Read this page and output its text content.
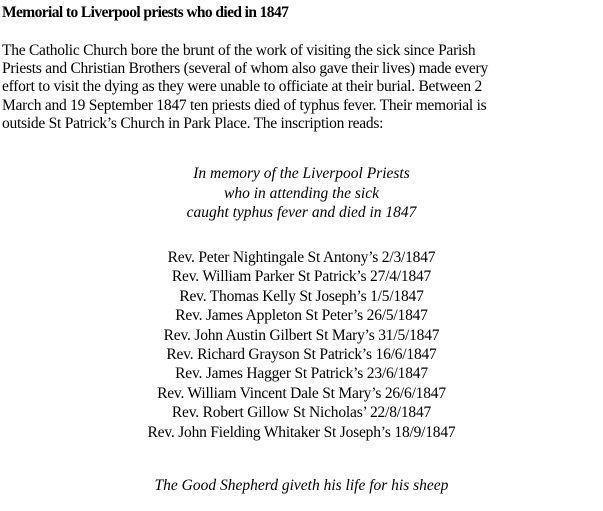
Memorial to Liverpool priests who died in 1847
The Catholic Church bore the brunt of the work of visiting the sick since Parish
Priests and Christian Brothers (several of whom also gave their lives) made every
effort to visit the dying as they were unable to officiate at their burial. Between 2
March and 19 September 1847 ten priests died of typhus fever. Their memorial is
outside St Patrick’s Church in Park Place. The inscription reads:
In memory of the Liverpool Priests
who in attending the sick
caught typhus fever and died in 1847
Rev. Peter Nightingale St Antony’s 2/3/1847
Rev. William Parker St Patrick’s 27/4/1847
Rev. Thomas Kelly St Joseph’s 1/5/1847
Rev. James Appleton St Peter’s 26/5/1847
Rev. John Austin Gilbert St Mary’s 31/5/1847
Rev. Richard Grayson St Patrick’s 16/6/1847
Rev. James Hagger St Patrick’s 23/6/1847
Rev. William Vincent Dale St Mary’s 26/6/1847
Rev. Robert Gillow St Nicholas’ 22/8/1847
Rev. John Fielding Whitaker St Joseph’s 18/9/1847
The Good Shepherd giveth his life for his sheep
